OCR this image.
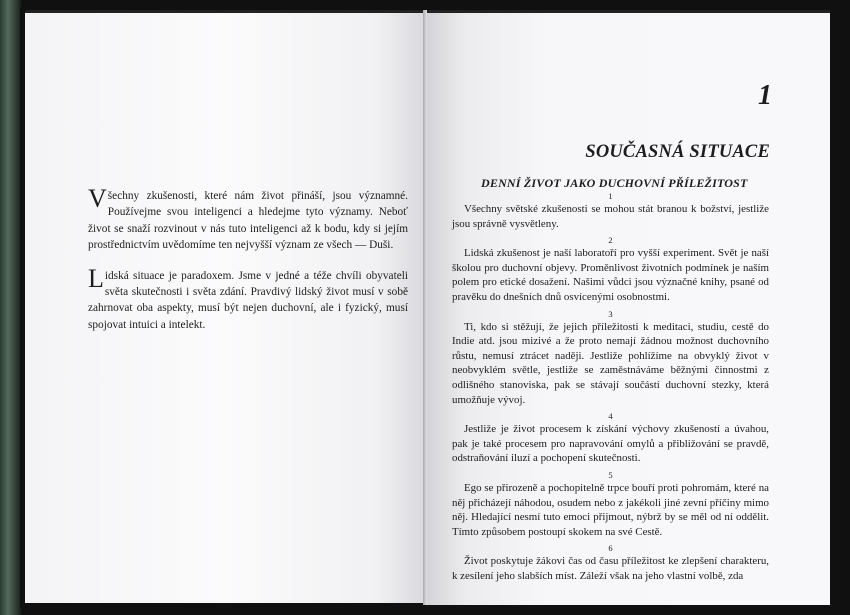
Všechny zkušenosti, které nám život přináší, jsou významné. Používejme svou inteligenci a hledejme tyto významy. Neboť život se snaží rozvinout v nás tuto inteligenci až k bodu, kdy si jejím prostřednictvím uvědomíme ten nejvyšší význam ze všech — Duši.

Lidská situace je paradoxem. Jsme v jedné a téže chvíli obyvateli světa skutečnosti i světa zdání. Pravdivý lidský život musí v sobě zahrnovat oba aspekty, musí být nejen duchovní, ale i fyzický, musí spojovat intuici a intelekt.

1
SOUČASNÁ SITUACE
DENNÍ ŽIVOT JAKO DUCHOVNÍ PŘÍLEŽITOST
1

Všechny světské zkušenosti se mohou stát branou k božství, jestliže jsou správně vysvětleny.

2

Lidská zkušenost je naší laboratoří pro vyšší experiment. Svět je naší školou pro duchovní objevy. Proměnlivost životních podmínek je naším polem pro etické dosažení. Našimi vůdci jsou význačné knihy, psané od pravěku do dnešních dnů osvícenými osobnostmi.

3

Ti, kdo si stěžují, že jejich příležitosti k meditaci, studiu, cestě do Indie atd. jsou mizivé a že proto nemají žádnou možnost duchovního růstu, nemusí ztrácet naději. Jestliže pohlížíme na obvyklý život v neobvyklém světle, jestliže se zaměstnáváme běžnými činnostmi z odlišného stanoviska, pak se stávají součástí duchovní stezky, která umožňuje vývoj.

4

Jestliže je život procesem k získání výchovy zkušeností a úvahou, pak je také procesem pro napravování omylů a přibližování se pravdě, odstraňování iluzí a pochopení skutečnosti.

5

Ego se přirozeně a pochopitelně trpce bouří proti pohromám, které na něj přicházejí náhodou, osudem nebo z jakékoli jiné zevní příčiny mimo něj. Hledající nesmí tuto emoci přijmout, nýbrž by se měl od ní oddělit. Tímto způsobem postoupí skokem na své Cestě.

6

Život poskytuje žákovi čas od času příležitost ke zlepšení charakteru, k zesílení jeho slabších míst. Záleží však na jeho vlastní volbě, zda
